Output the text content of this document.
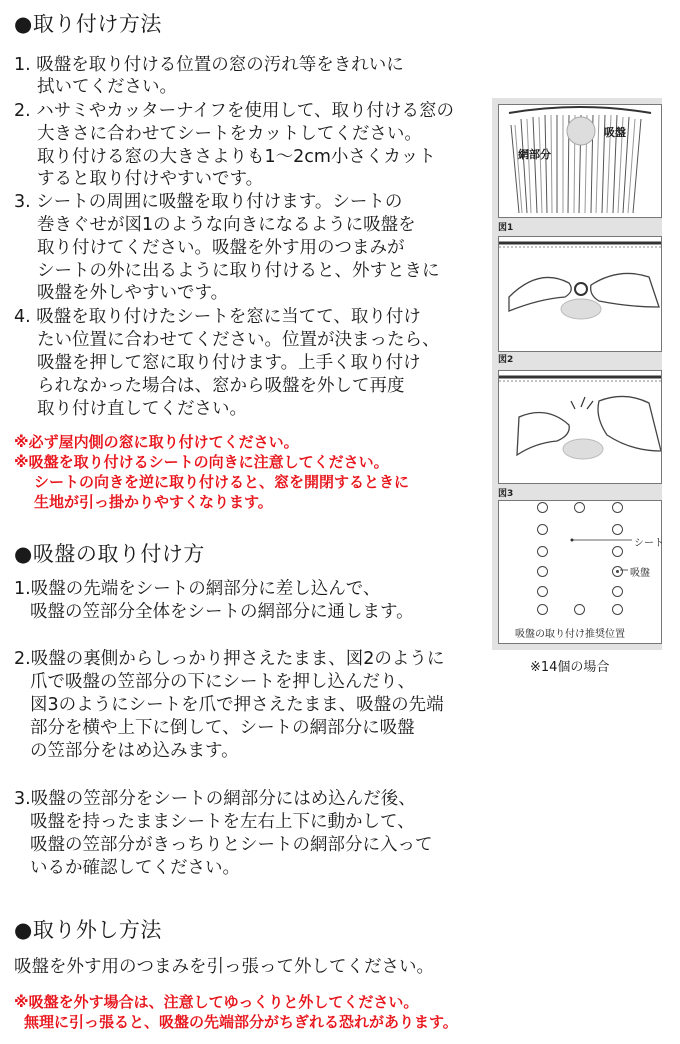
●取り付け方法
1. 吸盤を取り付ける位置の窓の汚れ等をきれいに
拭いてください。
2. ハサミやカッターナイフを使用して、取り付ける窓の
大きさに合わせてシートをカットしてください。
取り付ける窓の大きさよりも1～2cm小さくカット
すると取り付けやすいです。
3. シートの周囲に吸盤を取り付けます。シートの
巻きぐせが図1のような向きになるように吸盤を
取り付けてください。吸盤を外す用のつまみが
シートの外に出るように取り付けると、外すときに
吸盤を外しやすいです。
4. 吸盤を取り付けたシートを窓に当てて、取り付け
たい位置に合わせてください。位置が決まったら、
吸盤を押して窓に取り付けます。上手く取り付け
られなかった場合は、窓から吸盤を外して再度
取り付け直してください。
※必ず屋内側の窓に取り付けてください。
※吸盤を取り付けるシートの向きに注意してください。
シートの向きを逆に取り付けると、窓を開閉するときに
生地が引っ掛かりやすくなります。
●吸盤の取り付け方
1.吸盤の先端をシートの網部分に差し込んで、
吸盤の笠部分全体をシートの網部分に通します。
2.吸盤の裏側からしっかり押さえたまま、図2のように
爪で吸盤の笠部分の下にシートを押し込んだり、
図3のようにシートを爪で押さえたまま、吸盤の先端
部分を横や上下に倒して、シートの網部分に吸盤
の笠部分をはめ込みます。
3.吸盤の笠部分をシートの網部分にはめ込んだ後、
吸盤を持ったままシートを左右上下に動かして、
吸盤の笠部分がきっちりとシートの網部分に入って
いるか確認してください。
●取り外し方法
吸盤を外す用のつまみを引っ張って外してください。
※吸盤を外す場合は、注意してゆっくりと外してください。
無理に引っ張ると、吸盤の先端部分がちぎれる恐れがあります。
吸盤
網部分
図1
図2
図3
シート
吸盤
吸盤の取り付け推奨位置
※14個の場合
